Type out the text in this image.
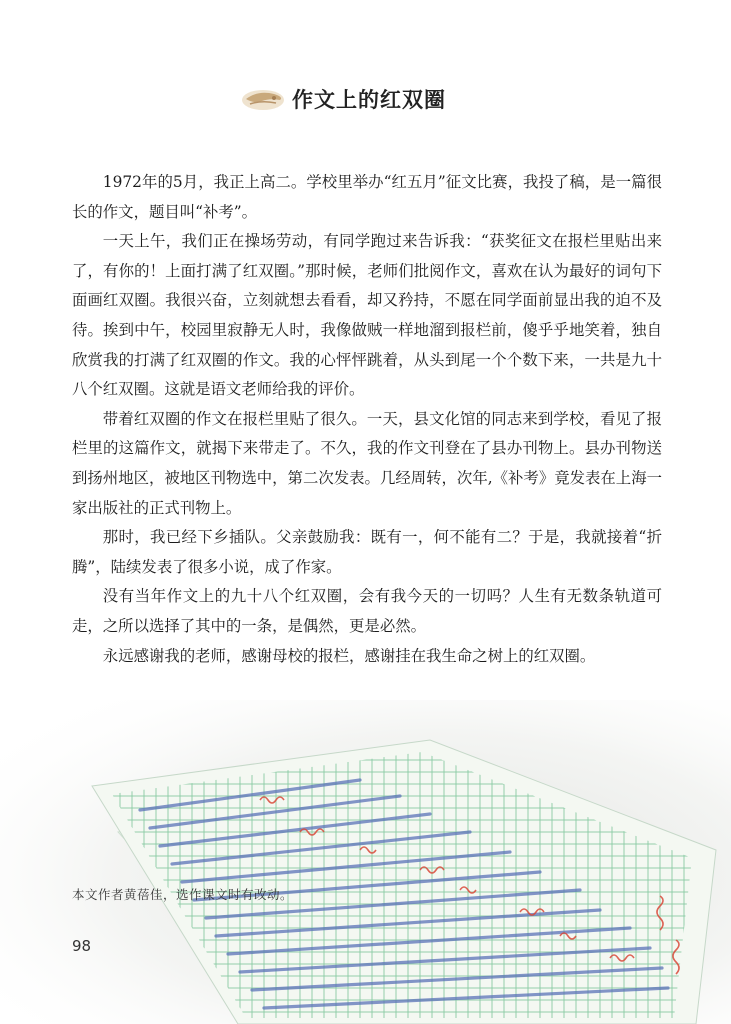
作文上的红双圈

1972年的5月，我正上高二。学校里举办“红五月”征文比赛，我投了稿，是一篇很长的作文，题目叫“补考”。

一天上午，我们正在操场劳动，有同学跑过来告诉我：“获奖征文在报栏里贴出来了，有你的！上面打满了红双圈。”那时候，老师们批阅作文，喜欢在认为最好的词句下面画红双圈。我很兴奋，立刻就想去看看，却又矜持，不愿在同学面前显出我的迫不及待。挨到中午，校园里寂静无人时，我像做贼一样地溜到报栏前，傻乎乎地笑着，独自欣赏我的打满了红双圈的作文。我的心怦怦跳着，从头到尾一个个数下来，一共是九十八个红双圈。这就是语文老师给我的评价。

带着红双圈的作文在报栏里贴了很久。一天，县文化馆的同志来到学校，看见了报栏里的这篇作文，就揭下来带走了。不久，我的作文刊登在了县办刊物上。县办刊物送到扬州地区，被地区刊物选中，第二次发表。几经周转，次年,《补考》竟发表在上海一家出版社的正式刊物上。

那时，我已经下乡插队。父亲鼓励我：既有一，何不能有二？于是，我就接着“折腾”，陆续发表了很多小说，成了作家。

没有当年作文上的九十八个红双圈，会有我今天的一切吗？人生有无数条轨道可走，之所以选择了其中的一条，是偶然，更是必然。

永远感谢我的老师，感谢母校的报栏，感谢挂在我生命之树上的红双圈。

本文作者黄蓓佳，选作课文时有改动。
98
